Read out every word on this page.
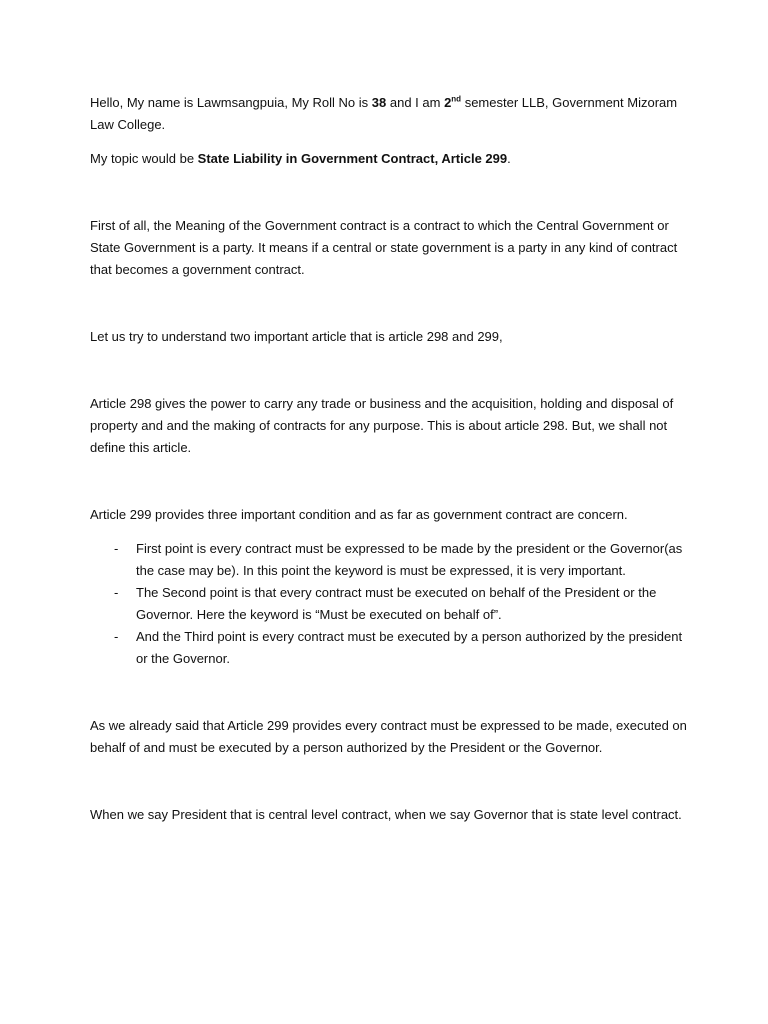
Hello, My name is Lawmsangpuia, My Roll No is 38 and I am 2nd semester LLB, Government Mizoram Law College.

My topic would be State Liability in Government Contract, Article 299.

First of all, the Meaning of the Government contract is a contract to which the Central Government or State Government is a party. It means if a central or state government is a party in any kind of contract that becomes a government contract.

Let us try to understand two important article that is article 298 and 299,

Article 298 gives the power to carry any trade or business and the acquisition, holding and disposal of property and and the making of contracts for any purpose. This is about article 298. But, we shall not define this article.

Article 299 provides three important condition and as far as government contract are concern.

- First point is every contract must be expressed to be made by the president or the Governor(as the case may be). In this point the keyword is must be expressed, it is very important.
- The Second point is that every contract must be executed on behalf of the President or the Governor. Here the keyword is “Must be executed on behalf of”.
- And the Third point is every contract must be executed by a person authorized by the president or the Governor.

As we already said that Article 299 provides every contract must be expressed to be made, executed on behalf of and must be executed by a person authorized by the President or the Governor.

When we say President that is central level contract, when we say Governor that is state level contract.
